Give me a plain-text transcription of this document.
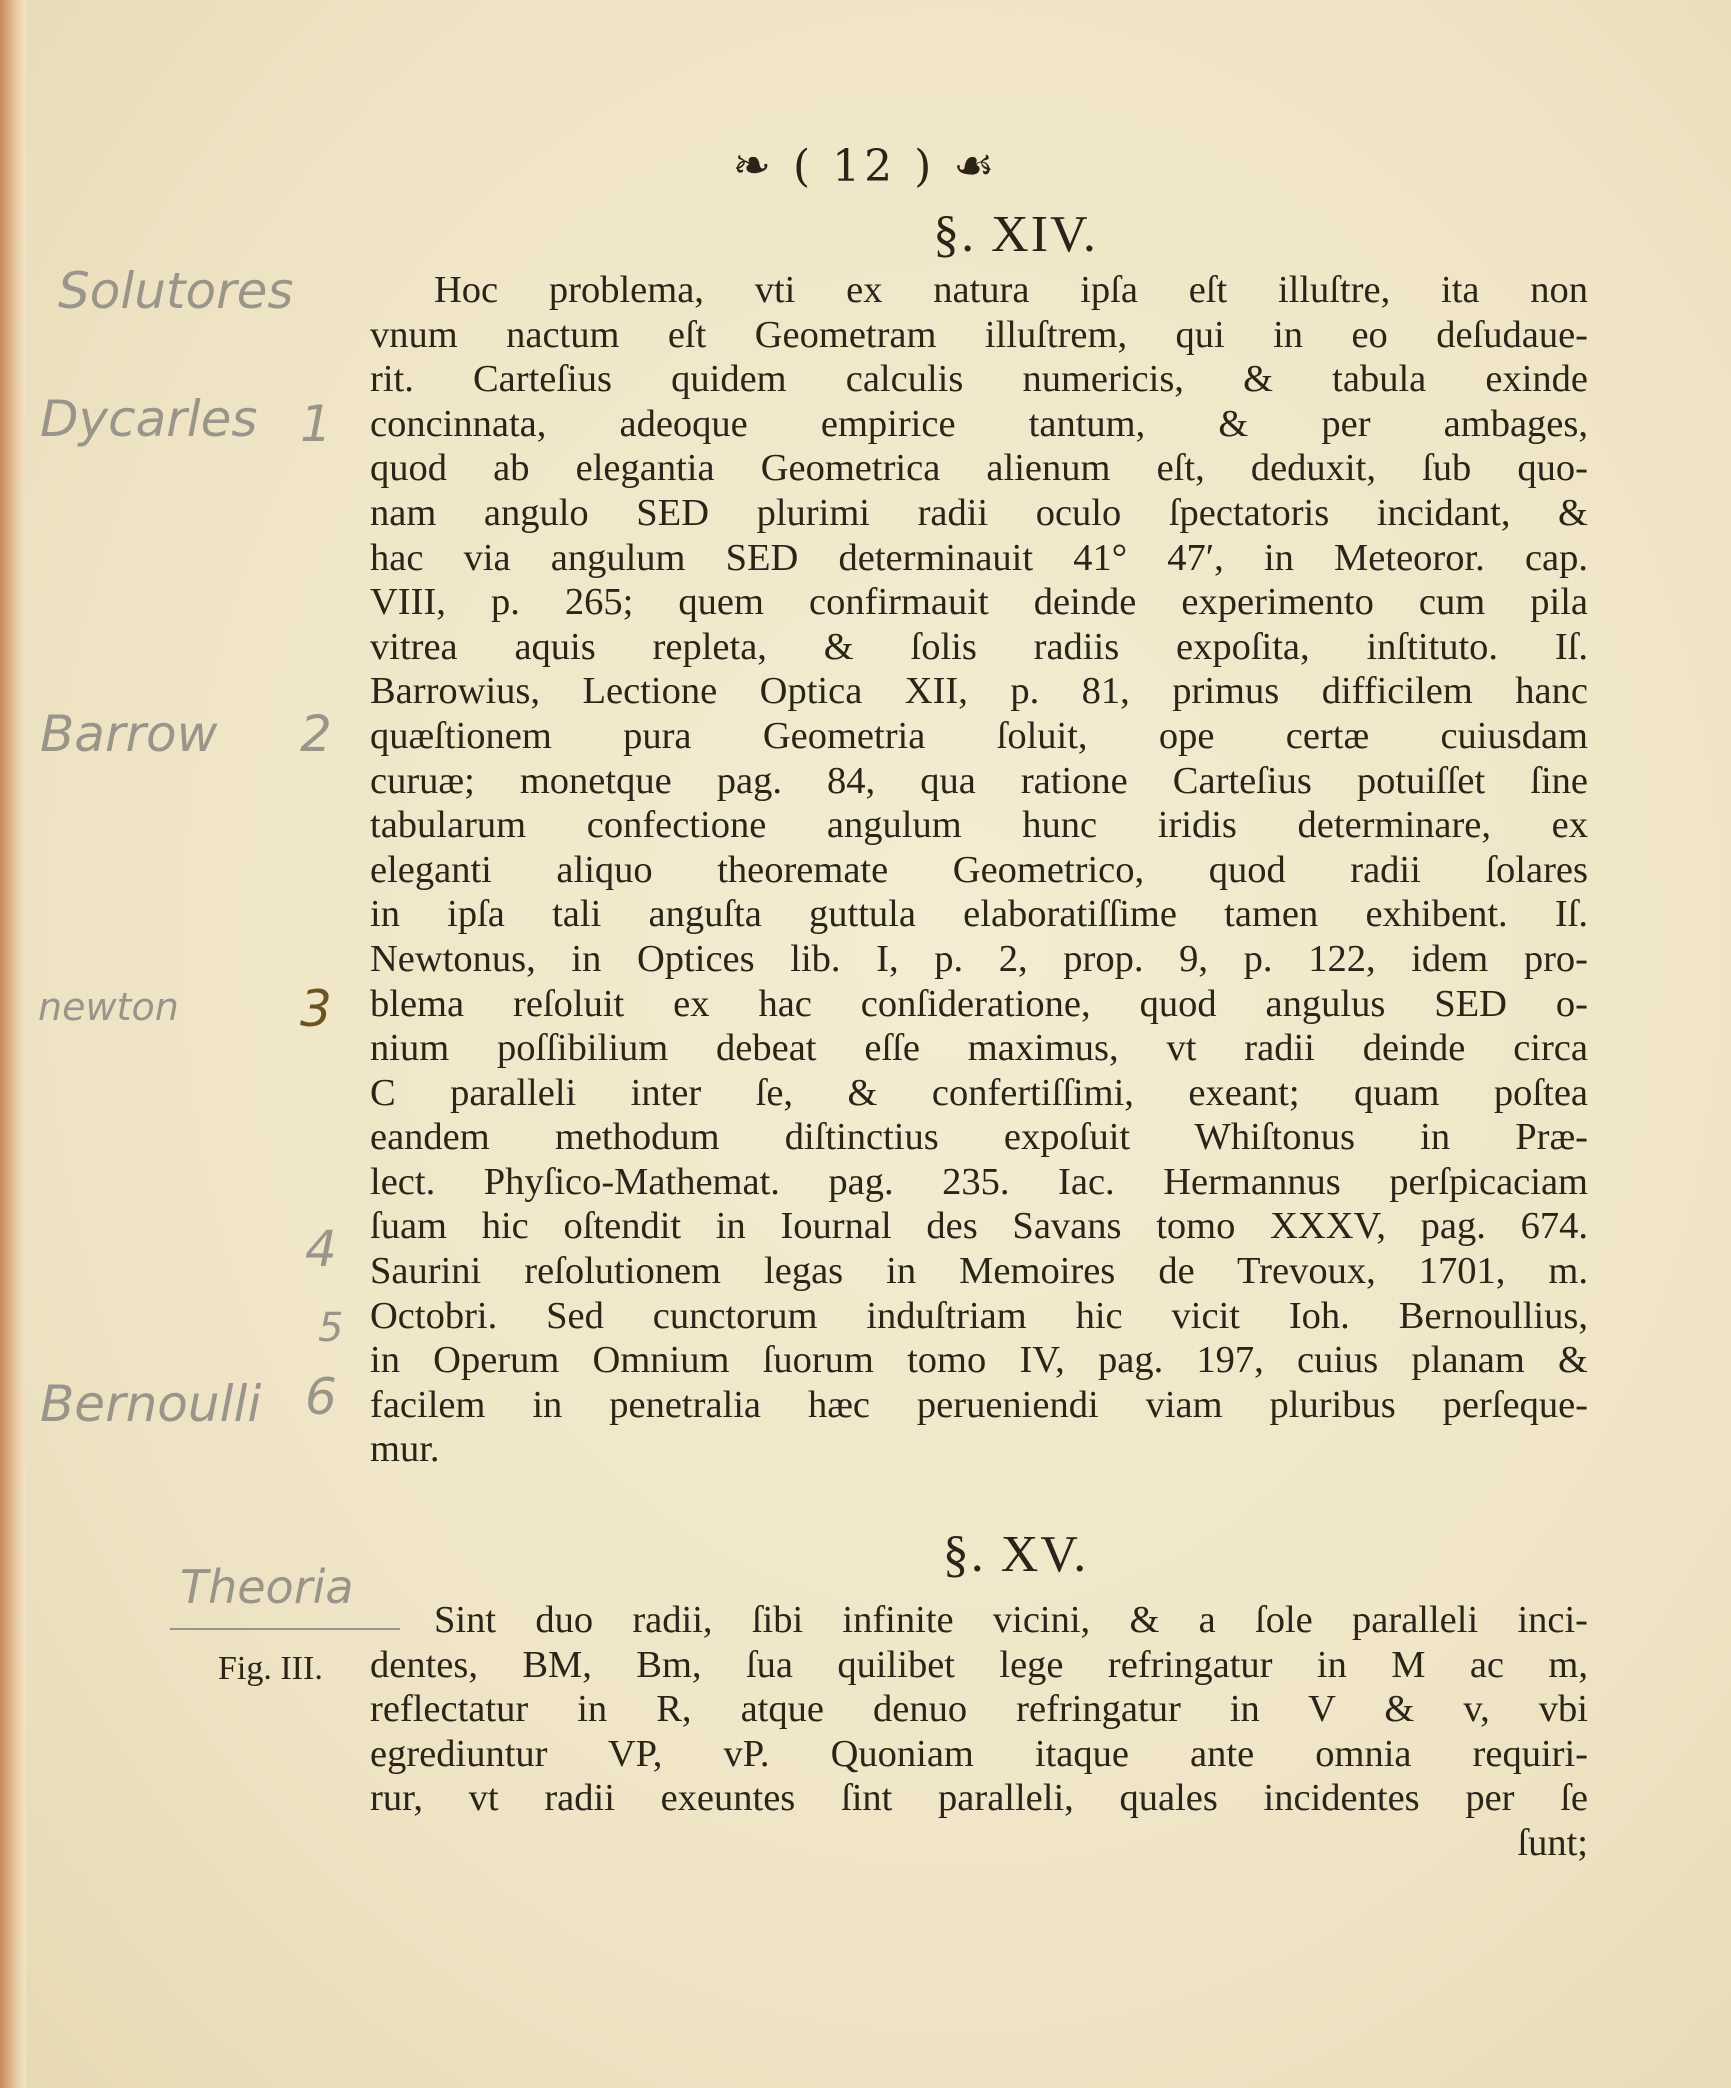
❧ ( 12 ) ☙
§. XIV.
Hoc problema, vti ex natura ipſa eſt illuſtre, ita non
vnum nactum eſt Geometram illuſtrem, qui in eo deſudaue-
rit. Carteſius quidem calculis numericis, & tabula exinde
concinnata, adeoque empirice tantum, & per ambages,
quod ab elegantia Geometrica alienum eſt, deduxit, ſub quo-
nam angulo SED plurimi radii oculo ſpectatoris incidant, &
hac via angulum SED determinauit 41° 47′, in Meteoror. cap.
VIII, p. 265; quem confirmauit deinde experimento cum pila
vitrea aquis repleta, & ſolis radiis expoſita, inſtituto. Iſ.
Barrowius, Lectione Optica XII, p. 81, primus difficilem hanc
quæſtionem pura Geometria ſoluit, ope certæ cuiusdam
curuæ; monetque pag. 84, qua ratione Carteſius potuiſſet ſine
tabularum confectione angulum hunc iridis determinare, ex
eleganti aliquo theoremate Geometrico, quod radii ſolares
in ipſa tali anguſta guttula elaboratiſſime tamen exhibent. Iſ.
Newtonus, in Optices lib. I, p. 2, prop. 9, p. 122, idem pro-
blema reſoluit ex hac conſideratione, quod angulus SED o-
nium poſſibilium debeat eſſe maximus, vt radii deinde circa
C paralleli inter ſe, & confertiſſimi, exeant; quam poſtea
eandem methodum diſtinctius expoſuit Whiſtonus in Præ-
lect. Phyſico-Mathemat. pag. 235. Iac. Hermannus perſpicaciam
ſuam hic oſtendit in Iournal des Savans tomo XXXV, pag. 674.
Saurini reſolutionem legas in Memoires de Trevoux, 1701, m.
Octobri. Sed cunctorum induſtriam hic vicit Ioh. Bernoullius,
in Operum Omnium ſuorum tomo IV, pag. 197, cuius planam &
facilem in penetralia hæc perueniendi viam pluribus perſeque-
mur.
§. XV.
Fig. III.
Sint duo radii, ſibi infinite vicini, & a ſole paralleli inci-
dentes, BM, Bm, ſua quilibet lege refringatur in M ac m,
reflectatur in R, atque denuo refringatur in V & v, vbi
egrediuntur VP, vP. Quoniam itaque ante omnia requiri-
rur, vt radii exeuntes ſint paralleli, quales incidentes per ſe
ſunt;
Solutores
Dycarles 1
Barrow 2
newton 3
4
5
Bernoulli 6
Theoria
